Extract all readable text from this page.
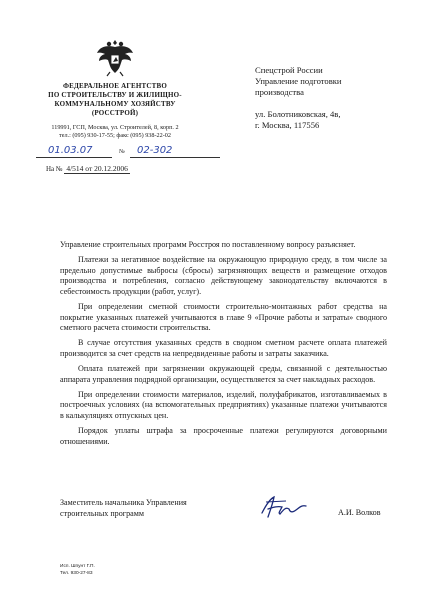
ФЕДЕРАЛЬНОЕ АГЕНТСТВО
ПО СТРОИТЕЛЬСТВУ И ЖИЛИЩНО-
КОММУНАЛЬНОМУ ХОЗЯЙСТВУ
(РОССТРОЙ)
119991, ГСП, Москва, ул. Строителей, 8, корп. 2
тел.: (095) 930-17-55; факс (095) 938-22-02
01.03.07	№ 02-302
На № 4/514 от 20.12.2006
Спецстрой России
Управление подготовки
производства
ул. Болотниковская, 4в,
г. Москва, 117556

Управление строительных программ Росстроя по поставленному вопросу разъясняет.

Платежи за негативное воздействие на окружающую природную среду, в том числе за предельно допустимые выбросы (сбросы) загрязняющих веществ и размещение отходов производства и потребления, согласно действующему законодательству включаются в себестоимость продукции (работ, услуг).

При определении сметной стоимости строительно-монтажных работ средства на покрытие указанных платежей учитываются в главе 9 «Прочие работы и затраты» сводного сметного расчета стоимости строительства.

В случае отсутствия указанных средств в сводном сметном расчете оплата платежей производится за счет средств на непредвиденные работы и затраты заказчика.

Оплата платежей при загрязнении окружающей среды, связанной с деятельностью аппарата управления подрядной организации, осуществляется за счет накладных расходов.

При определении стоимости материалов, изделий, полуфабрикатов, изготавливаемых в построечных условиях (на вспомогательных предприятиях) указанные платежи учитываются в калькуляциях отпускных цен.

Порядок уплаты штрафа за просроченные платежи регулируются договорными отношениями.

Заместитель начальника Управления
строительных программ	А.И. Волков
Исп. Шпунт Г.П.
Тел. 930-27-83
